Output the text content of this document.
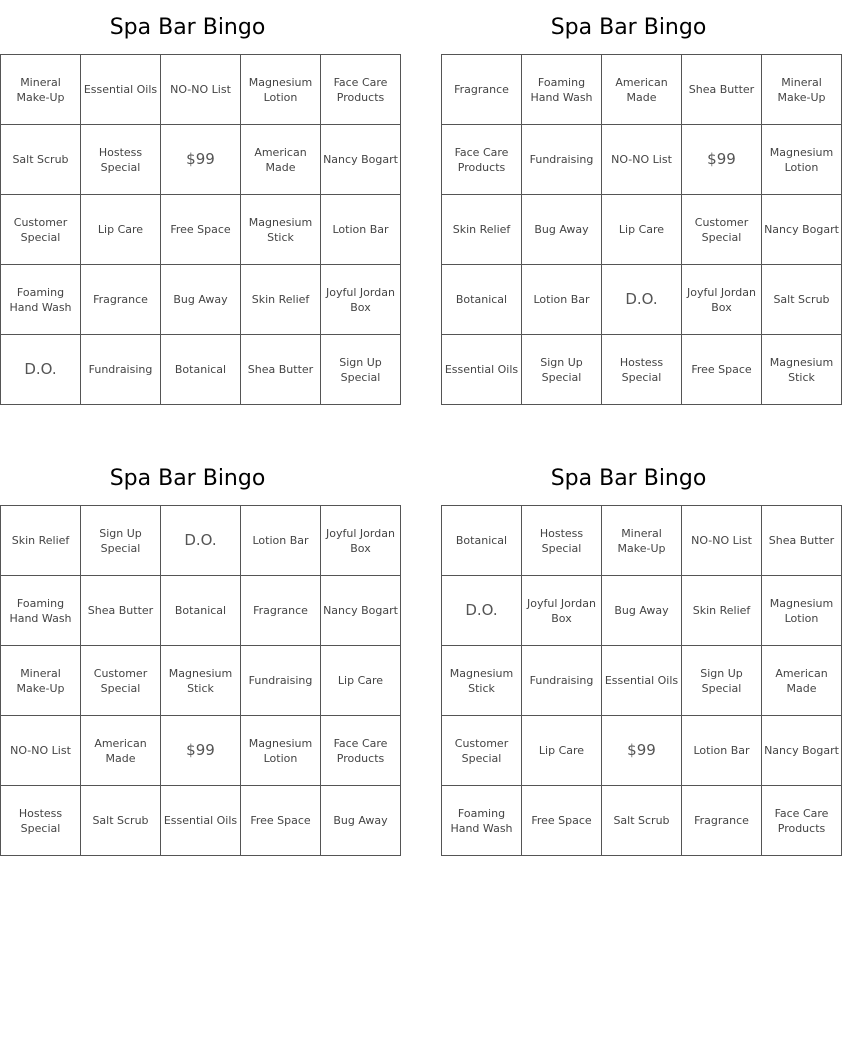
Spa Bar Bingo
Mineral Make-Up	Essential Oils	NO-NO List	Magnesium Lotion	Face Care Products
Salt Scrub	Hostess Special	$99	American Made	Nancy Bogart
Customer Special	Lip Care	Free Space	Magnesium Stick	Lotion Bar
Foaming Hand Wash	Fragrance	Bug Away	Skin Relief	Joyful Jordan Box
D.O.	Fundraising	Botanical	Shea Butter	Sign Up Special
Spa Bar Bingo
Fragrance	Foaming Hand Wash	American Made	Shea Butter	Mineral Make-Up
Face Care Products	Fundraising	NO-NO List	$99	Magnesium Lotion
Skin Relief	Bug Away	Lip Care	Customer Special	Nancy Bogart
Botanical	Lotion Bar	D.O.	Joyful Jordan Box	Salt Scrub
Essential Oils	Sign Up Special	Hostess Special	Free Space	Magnesium Stick
Spa Bar Bingo
Skin Relief	Sign Up Special	D.O.	Lotion Bar	Joyful Jordan Box
Foaming Hand Wash	Shea Butter	Botanical	Fragrance	Nancy Bogart
Mineral Make-Up	Customer Special	Magnesium Stick	Fundraising	Lip Care
NO-NO List	American Made	$99	Magnesium Lotion	Face Care Products
Hostess Special	Salt Scrub	Essential Oils	Free Space	Bug Away
Spa Bar Bingo
Botanical	Hostess Special	Mineral Make-Up	NO-NO List	Shea Butter
D.O.	Joyful Jordan Box	Bug Away	Skin Relief	Magnesium Lotion
Magnesium Stick	Fundraising	Essential Oils	Sign Up Special	American Made
Customer Special	Lip Care	$99	Lotion Bar	Nancy Bogart
Foaming Hand Wash	Free Space	Salt Scrub	Fragrance	Face Care Products
